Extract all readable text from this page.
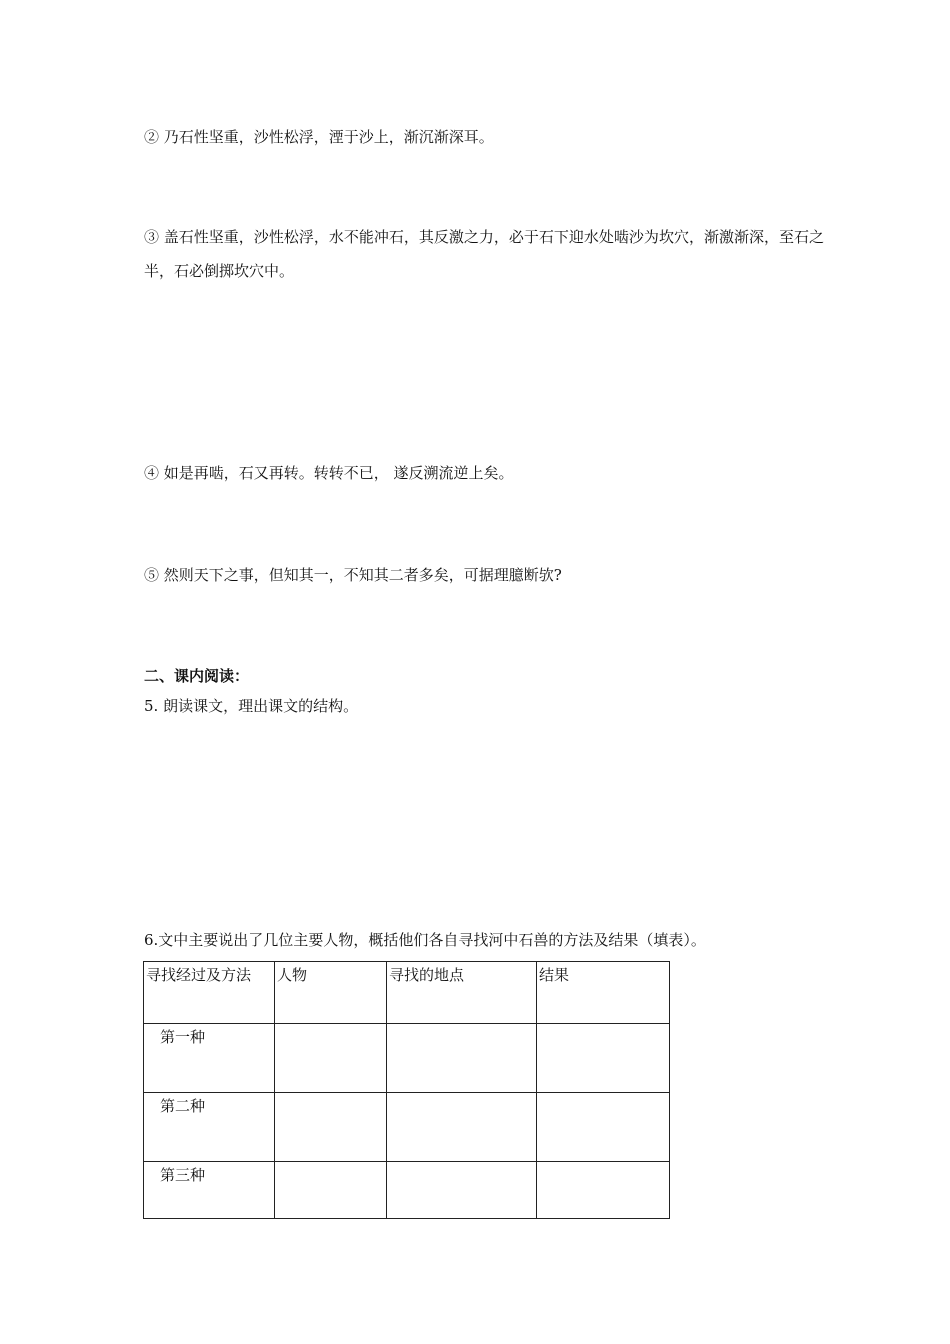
② 乃石性坚重，沙性松浮，湮于沙上，渐沉渐深耳。
③ 盖石性坚重，沙性松浮，水不能冲石，其反激之力，必于石下迎水处啮沙为坎穴，渐激渐深，至石之半，石必倒掷坎穴中。
④ 如是再啮，石又再转。转转不已， 遂反溯流逆上矣。
⑤ 然则天下之事，但知其一，不知其二者多矣，可据理臆断欤?
二、课内阅读：
5. 朗读课文，理出课文的结构。
6.文中主要说出了几位主要人物，概括他们各自寻找河中石兽的方法及结果（填表）。
寻找经过及方法	人物	寻找的地点	结果
第一种			
第二种			
第三种			
